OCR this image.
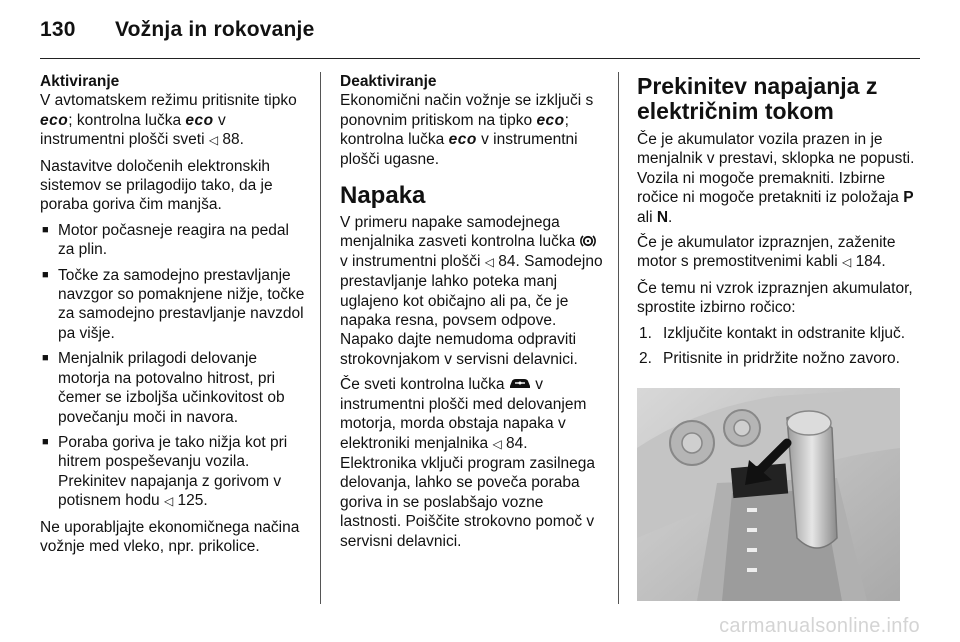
130 Vožnja in rokovanje

Aktiviranje

V avtomatskem režimu pritisnite tipko eco; kontrolna lučka eco v instrumentni plošči sveti ◁ 88.

Nastavitve določenih elektronskih sistemov se prilagodijo tako, da je poraba goriva čim manjša.

■ Motor počasneje reagira na pedal za plin.
■ Točke za samodejno prestavljanje navzgor so pomaknjene nižje, točke za samodejno prestavljanje navzdol pa višje.
■ Menjalnik prilagodi delovanje motorja na potovalno hitrost, pri čemer se izboljša učinkovitost ob povečanju moči in navora.
■ Poraba goriva je tako nižja kot pri hitrem pospeševanju vozila. Prekinitev napajanja z gorivom v potisnem hodu ◁ 125.

Ne uporabljajte ekonomičnega načina vožnje med vleko, npr. prikolice.

Deaktiviranje

Ekonomični način vožnje se izključi s ponovnim pritiskom na tipko eco; kontrolna lučka eco v instrumentni plošči ugasne.

Napaka

V primeru napake samodejnega menjalnika zasveti kontrolna lučka  v instrumentni plošči ◁ 84. Samodejno prestavljanje lahko poteka manj uglajeno kot običajno ali pa, če je napaka resna, povsem odpove. Napako dajte nemudoma odpraviti strokovnjakom v servisni delavnici.

Če sveti kontrolna lučka v instrumentni plošči med delovanjem motorja, morda obstaja napaka v elektroniki menjalnika ◁ 84. Elektronika vključi program zasilnega delovanja, lahko se poveča poraba goriva in se poslabšajo vozne lastnosti. Poiščite strokovno pomoč v servisni delavnici.

Prekinitev napajanja z električnim tokom

Če je akumulator vozila prazen in je menjalnik v prestavi, sklopka ne popusti. Vozila ni mogoče premakniti. Izbirne ročice ni mogoče pretakniti iz položaja P ali N.

Če je akumulator izpraznjen, zaženite motor s premostitvenimi kabli ◁ 184.

Če temu ni vzrok izpraznjen akumulator, sprostite izbirno ročico:

1. Izključite kontakt in odstranite ključ.
2. Pritisnite in pridržite nožno zavoro.
carmanualsonline.info
